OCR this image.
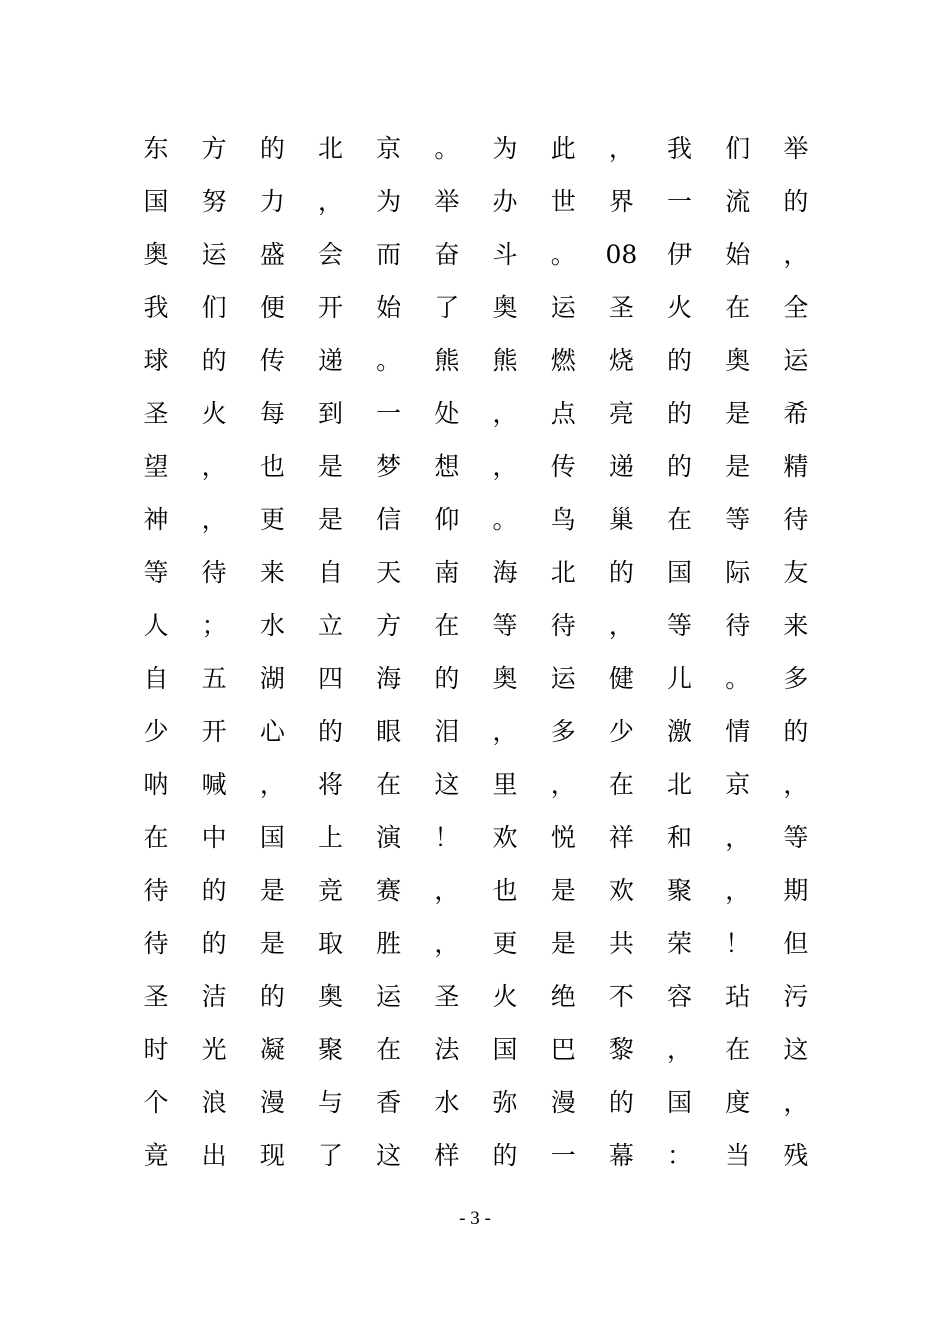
东 方 的 北 京 。 为 此 ， 我 们 举
国 努 力 ， 为 举 办 世 界 一 流 的
奥 运 盛 会 而 奋 斗 。 08 伊 始 ，
我 们 便 开 始 了 奥 运 圣 火 在 全
球 的 传 递 。 熊 熊 燃 烧 的 奥 运
圣 火 每 到 一 处 ， 点 亮 的 是 希
望 ， 也 是 梦 想 ， 传 递 的 是 精
神 ， 更 是 信 仰 。 鸟 巢 在 等 待
等 待 来 自 天 南 海 北 的 国 际 友
人 ； 水 立 方 在 等 待 ， 等 待 来
自 五 湖 四 海 的 奥 运 健 儿 。 多
少 开 心 的 眼 泪 ， 多 少 激 情 的
呐 喊 ， 将 在 这 里 ， 在 北 京 ，
在 中 国 上 演 ！ 欢 悦 祥 和 ， 等
待 的 是 竞 赛 ， 也 是 欢 聚 ， 期
待 的 是 取 胜 ， 更 是 共 荣 ！ 但
圣 洁 的 奥 运 圣 火 绝 不 容 玷 污
时 光 凝 聚 在 法 国 巴 黎 ， 在 这
个 浪 漫 与 香 水 弥 漫 的 国 度 ，
竟 出 现 了 这 样 的 一 幕 ： 当 残
- 3 -
